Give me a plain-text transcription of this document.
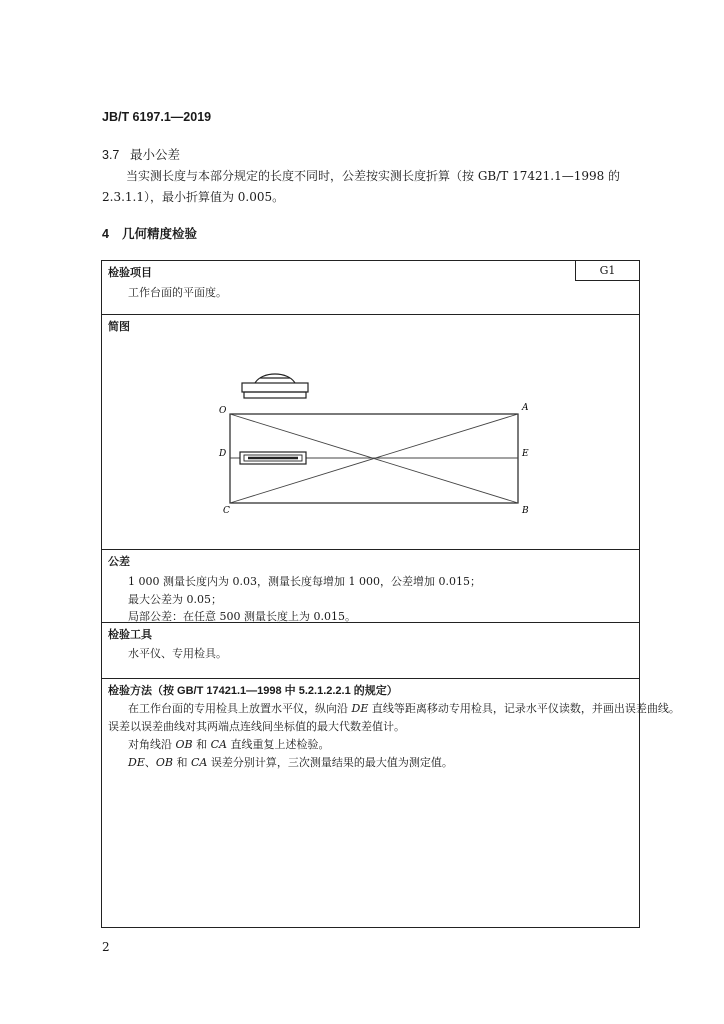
JB/T 6197.1—2019
3.7 最小公差
当实测长度与本部分规定的长度不同时，公差按实测长度折算（按 GB/T 17421.1—1998 的 2.3.1.1），最小折算值为 0.005。
4 几何精度检验
检验项目	G1
工作台面的平面度。
简图
O	A
D	E
C	B
公差
1 000 测量长度内为 0.03，测量长度每增加 1 000，公差增加 0.015；
最大公差为 0.05；
局部公差：在任意 500 测量长度上为 0.015。
检验工具
水平仪、专用检具。
检验方法（按 GB/T 17421.1—1998 中 5.2.1.2.2.1 的规定）
在工作台面的专用检具上放置水平仪，纵向沿 DE 直线等距离移动专用检具，记录水平仪读数，并画出误差曲线。
误差以误差曲线对其两端点连线间坐标值的最大代数差值计。
对角线沿 OB 和 CA 直线重复上述检验。
DE、OB 和 CA 误差分别计算，三次测量结果的最大值为测定值。
2
